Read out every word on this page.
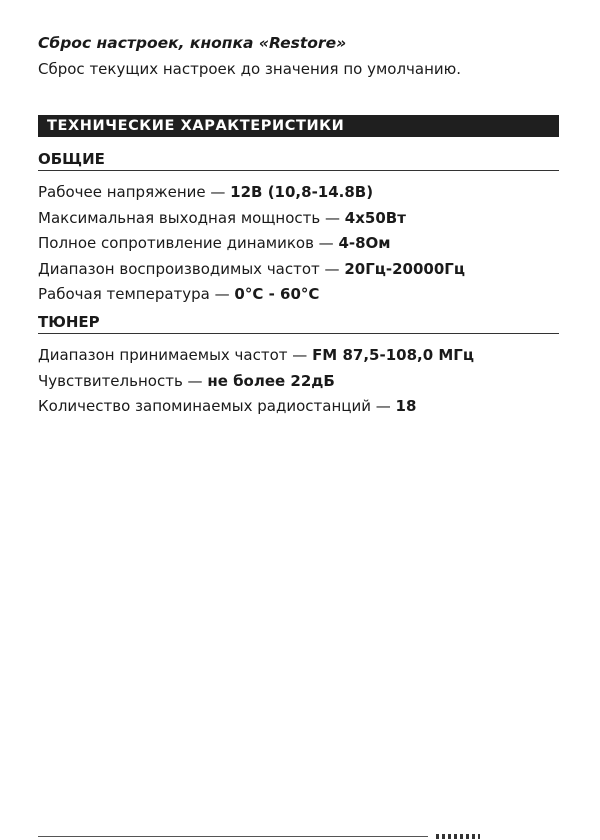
Сброс настроек, кнопка «Restore»
Сброс текущих настроек до значения по умолчанию.
ТЕХНИЧЕСКИЕ ХАРАКТЕРИСТИКИ
ОБЩИЕ
Рабочее напряжение — 12В (10,8-14.8В)
Максимальная выходная мощность — 4х50Вт
Полное сопротивление динамиков — 4-8Ом
Диапазон воспроизводимых частот — 20Гц-20000Гц
Рабочая температура — 0°С - 60°С
ТЮНЕР
Диапазон принимаемых частот — FM 87,5-108,0 МГц
Чувствительность — не более 22дБ
Количество запоминаемых радиостанций — 18
